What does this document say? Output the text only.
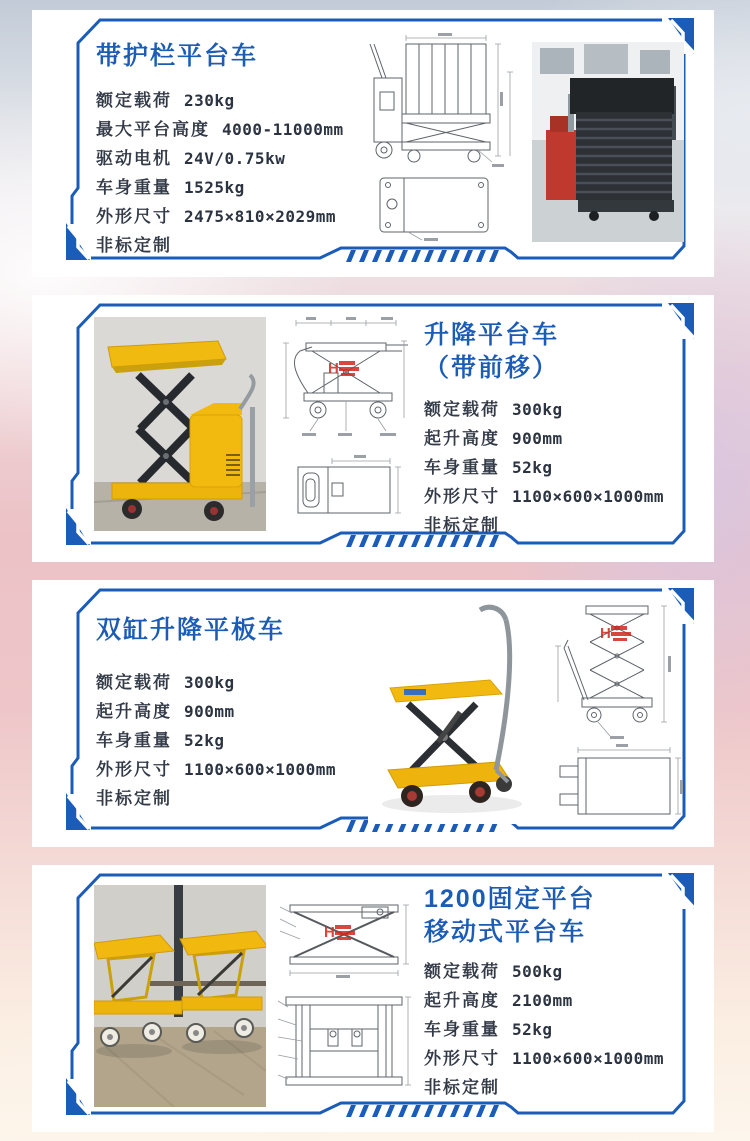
带护栏平台车
额定载荷 230kg
最大平台高度 4000-11000mm
驱动电机 24V/0.75kw
车身重量 1525kg
外形尺寸 2475×810×2029mm
非标定制
升降平台车
（带前移）
额定载荷 300kg
起升高度 900mm
车身重量 52kg
外形尺寸 1100×600×1000mm
非标定制
双缸升降平板车
额定载荷 300kg
起升高度 900mm
车身重量 52kg
外形尺寸 1100×600×1000mm
非标定制
1200固定平台
移动式平台车
额定载荷 500kg
起升高度 2100mm
车身重量 52kg
外形尺寸 1100×600×1000mm
非标定制
